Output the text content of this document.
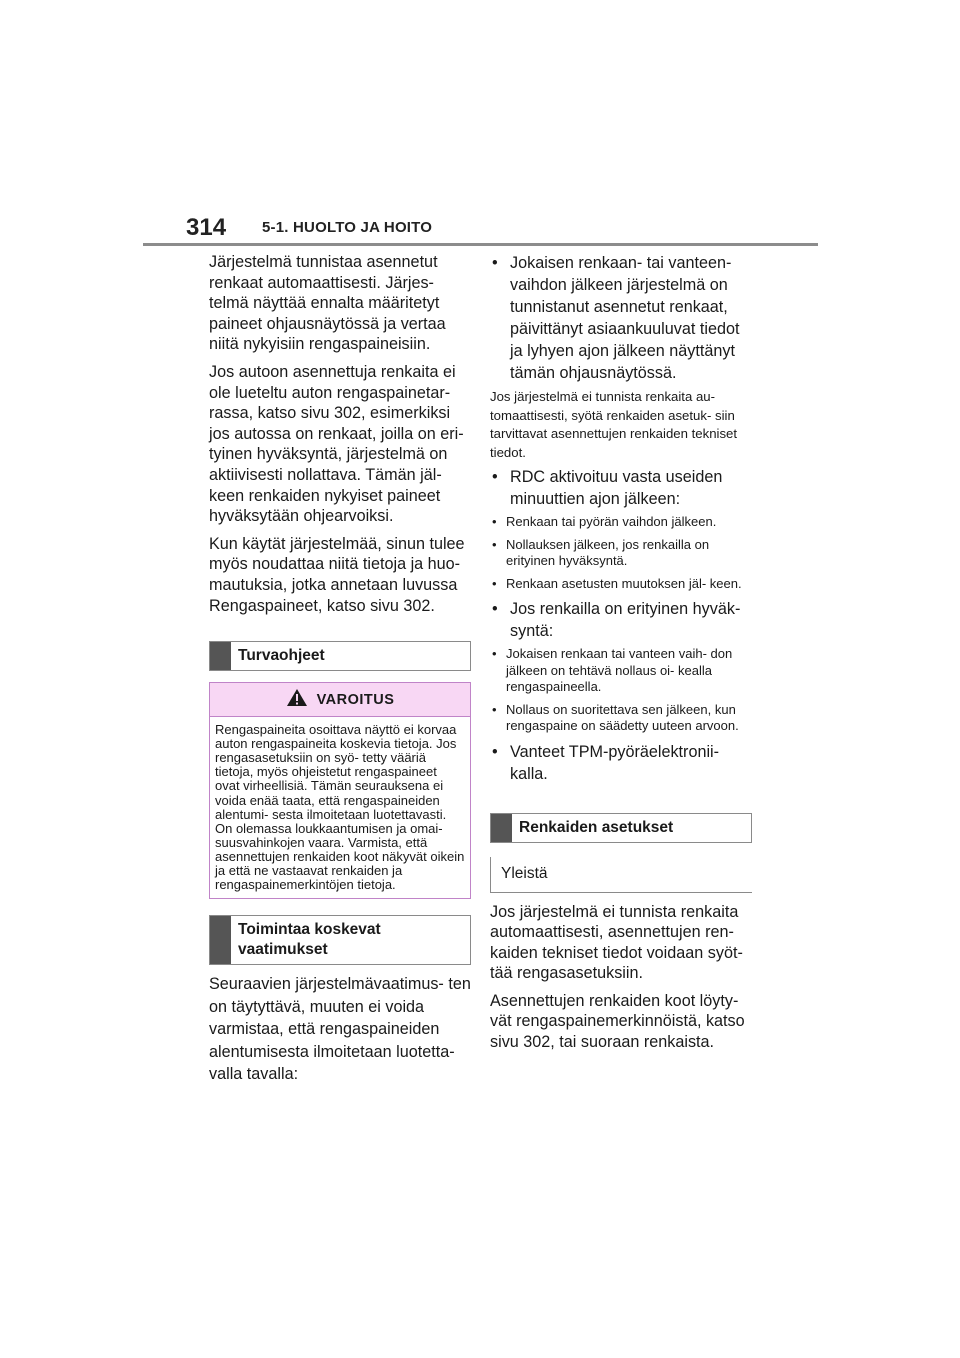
314 5-1. HUOLTO JA HOITO

Järjestelmä tunnistaa asennetut renkaat automaattisesti. Järjes- telmä näyttää ennalta määritetyt paineet ohjausnäytössä ja vertaa niitä nykyisiin rengaspaineisiin.

Jos autoon asennettuja renkaita ei ole lueteltu auton rengaspainetar- rassa, katso sivu 302, esimerkiksi jos autossa on renkaat, joilla on eri- tyinen hyväksyntä, järjestelmä on aktiivisesti nollattava. Tämän jäl- keen renkaiden nykyiset paineet hyväksytään ohjearvoiksi.

Kun käytät järjestelmää, sinun tulee myös noudattaa niitä tietoja ja huo- mautuksia, jotka annetaan luvussa Rengaspaineet, katso sivu 302.

Turvaohjeet
VAROITUS
Rengaspaineita osoittava näyttö ei korvaa auton rengaspaineita koskevia tietoja. Jos rengasasetuksiin on syö- tetty vääriä tietoja, myös ohjeistetut rengaspaineet ovat virheellisiä. Tämän seurauksena ei voida enää taata, että rengaspaineiden alentumi- sesta ilmoitetaan luotettavasti. On olemassa loukkaantumisen ja omai- suusvahinkojen vaara. Varmista, että asennettujen renkaiden koot näkyvät oikein ja että ne vastaavat renkaiden ja rengaspainemerkintöjen tietoja.
Toimintaa koskevat vaatimukset

Seuraavien järjestelmävaatimus- ten on täytyttävä, muuten ei voida varmistaa, että rengaspaineiden alentumisesta ilmoitetaan luotetta- valla tavalla:

• Jokaisen renkaan- tai vanteen- vaihdon jälkeen järjestelmä on tunnistanut asennetut renkaat, päivittänyt asiaankuuluvat tiedot ja lyhyen ajon jälkeen näyttänyt tämän ohjausnäytössä.

Jos järjestelmä ei tunnista renkaita au- tomaattisesti, syötä renkaiden asetuk- siin tarvittavat asennettujen renkaiden tekniset tiedot.

• RDC aktivoituu vasta useiden minuuttien ajon jälkeen:
• Renkaan tai pyörän vaihdon jälkeen.
• Nollauksen jälkeen, jos renkailla on erityinen hyväksyntä.
• Renkaan asetusten muutoksen jäl- keen.
• Jos renkailla on erityinen hyväk- syntä:
• Jokaisen renkaan tai vanteen vaih- don jälkeen on tehtävä nollaus oi- kealla rengaspaineella.
• Nollaus on suoritettava sen jälkeen, kun rengaspaine on säädetty uuteen arvoon.
• Vanteet TPM-pyöräelektronii- kalla.
Renkaiden asetukset
Yleistä

Jos järjestelmä ei tunnista renkaita automaattisesti, asennettujen ren- kaiden tekniset tiedot voidaan syöt- tää rengasasetuksiin.

Asennettujen renkaiden koot löyty- vät rengaspainemerkinnöistä, katso sivu 302, tai suoraan renkaista.
